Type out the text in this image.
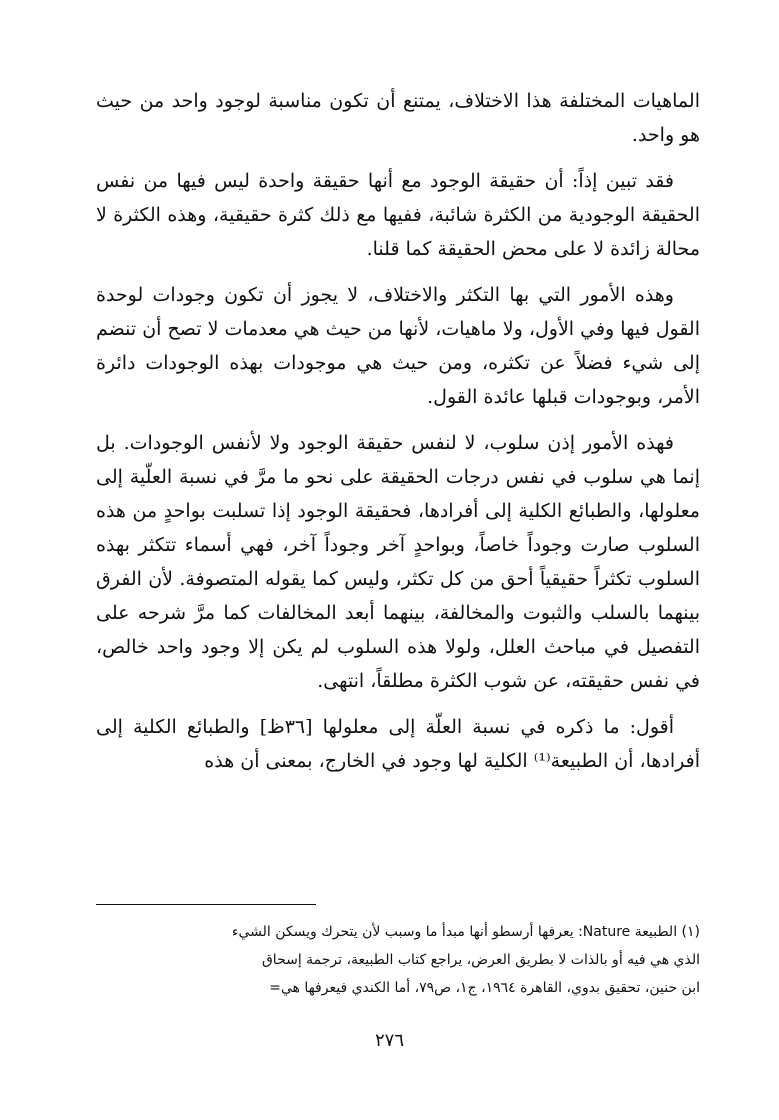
الماهيات المختلفة هذا الاختلاف، يمتنع أن تكون مناسبة لوجود واحد من حيث هو واحد.

فقد تبين إذاً: أن حقيقة الوجود مع أنها حقيقة واحدة ليس فيها من نفس الحقيقة الوجودية من الكثرة شائبة، ففيها مع ذلك كثرة حقيقية، وهذه الكثرة لا محالة زائدة لا على محض الحقيقة كما قلنا.

وهذه الأمور التي بها التكثر والاختلاف، لا يجوز أن تكون وجودات لوحدة القول فيها وفي الأول، ولا ماهيات، لأنها من حيث هي معدمات لا تصح أن تنضم إلى شيء فضلاً عن تكثره، ومن حيث هي موجودات بهذه الوجودات دائرة الأمر، وبوجودات قبلها عائدة القول.

فهذه الأمور إذن سلوب، لا لنفس حقيقة الوجود ولا لأنفس الوجودات. بل إنما هي سلوب في نفس درجات الحقيقة على نحو ما مرَّ في نسبة العلّية إلى معلولها، والطبائع الكلية إلى أفرادها، فحقيقة الوجود إذا تسلبت بواحدٍ من هذه السلوب صارت وجوداً خاصاً، وبواحدٍ آخر وجوداً آخر، فهي أسماء تتكثر بهذه السلوب تكثراً حقيقياً أحق من كل تكثر، وليس كما يقوله المتصوفة. لأن الفرق بينهما بالسلب والثبوت والمخالفة، بينهما أبعد المخالفات كما مرَّ شرحه على التفصيل في مباحث العلل، ولولا هذه السلوب لم يكن إلا وجود واحد خالص، في نفس حقيقته، عن شوب الكثرة مطلقاً، انتهى.

أقول: ما ذكره في نسبة العلّة إلى معلولها [٣٦ظ] والطبائع الكلية إلى أفرادها، أن الطبيعة⁽¹⁾ الكلية لها وجود في الخارج، بمعنى أن هذه

(١) الطبيعة Nature: يعرفها أرسطو أنها مبدأ ما وسبب لأن يتحرك ويسكن الشيء

الذي هي فيه أو بالذات لا بطريق العرض، يراجع كتاب الطبيعة، ترجمة إسحاق

ابن حنين، تحقيق بدوي، القاهرة ١٩٦٤، ج١، ص٧٩، أما الكندي فيعرفها هي=

٢٧٦
